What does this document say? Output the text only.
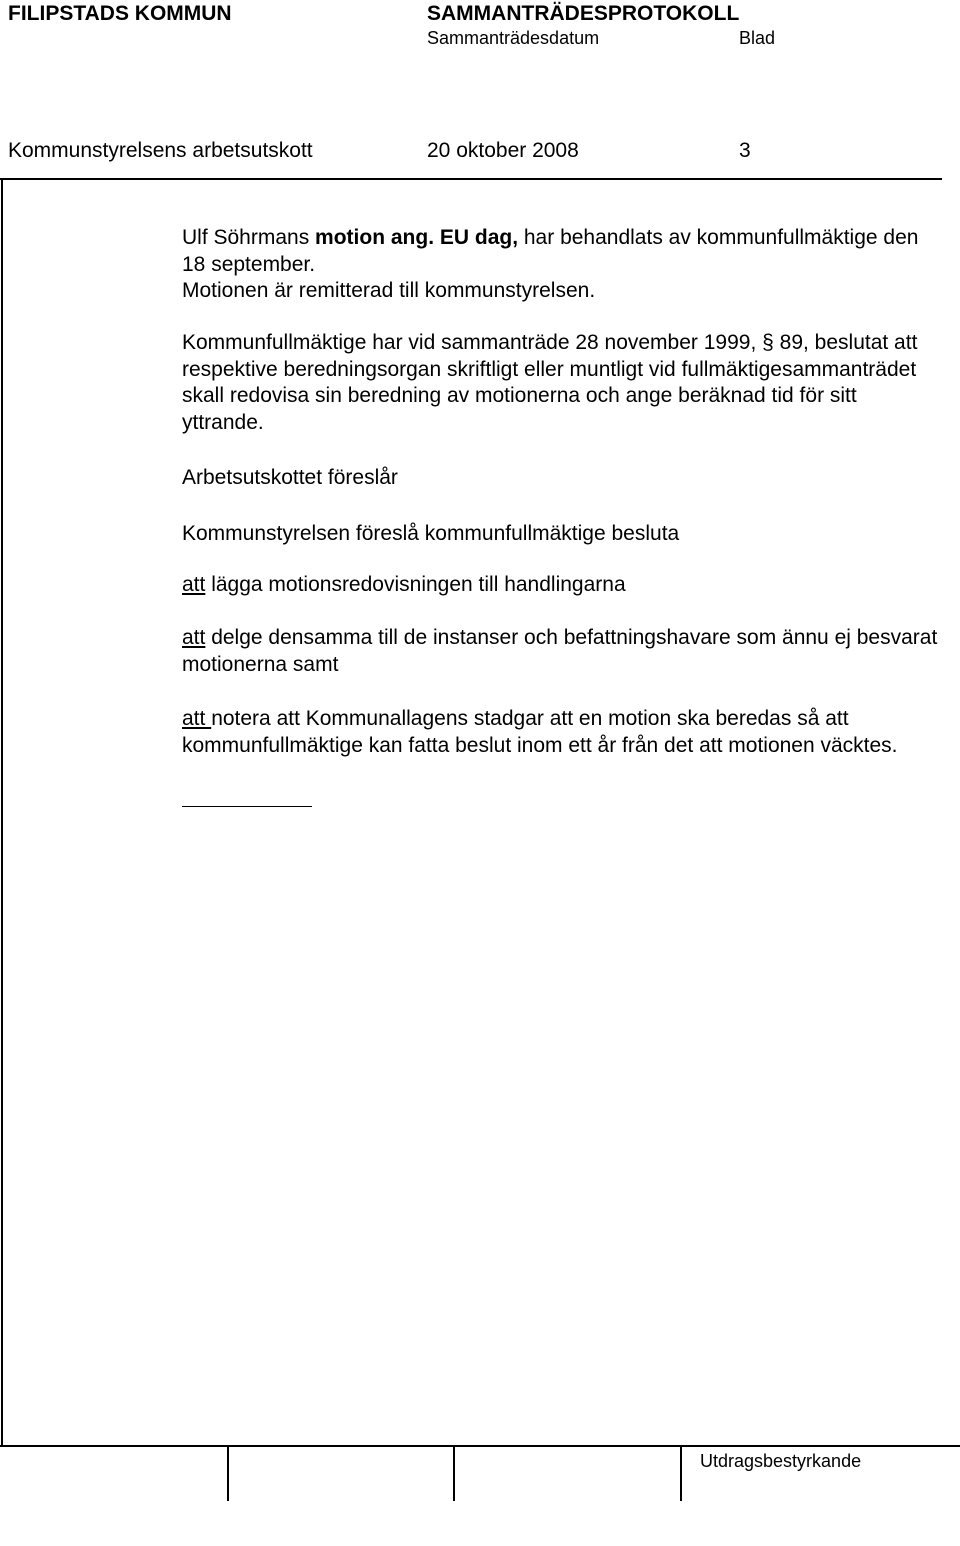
FILIPSTADS KOMMUN	SAMMANTRÄDESPROTOKOLL
Sammanträdesdatum	Blad
Kommunstyrelsens arbetsutskott	20 oktober 2008	3

Ulf Söhrmans motion ang. EU dag, har behandlats av kommunfullmäktige den 18 september.

Motionen är remitterad till kommunstyrelsen.

Kommunfullmäktige har vid sammanträde 28 november 1999, § 89, beslutat att respektive beredningsorgan skriftligt eller muntligt vid fullmäktigesammanträdet skall redovisa sin beredning av motionerna och ange beräknad tid för sitt yttrande.

Arbetsutskottet föreslår
Kommunstyrelsen föreslå kommunfullmäktige besluta

att lägga motionsredovisningen till handlingarna

att delge densamma till de instanser och befattningshavare som ännu ej besvarat motionerna samt

att notera att Kommunallagens stadgar att en motion ska beredas så att kommunfullmäktige kan fatta beslut inom ett år från det att motionen väcktes.

Utdragsbestyrkande
